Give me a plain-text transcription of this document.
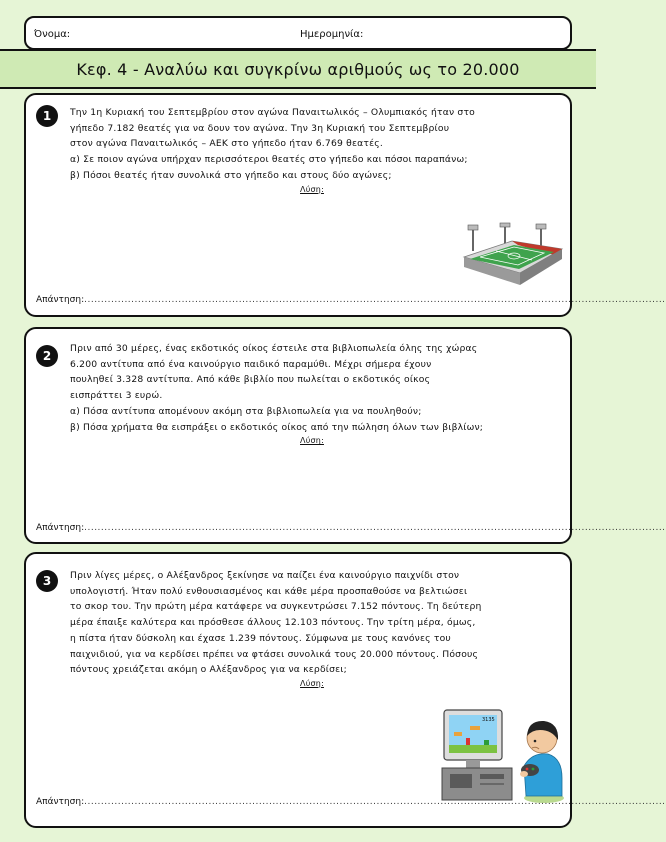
Όνομα:	Ημερομηνία:
Κεφ. 4 - Αναλύω και συγκρίνω αριθμούς ως το 20.000
1	Την 1η Κυριακή του Σεπτεμβρίου στον αγώνα Παναιτωλικός – Ολυμπιακός ήταν στο
γήπεδο 7.182 θεατές για να δουν τον αγώνα. Την 3η Κυριακή του Σεπτεμβρίου
στον αγώνα Παναιτωλικός – ΑΕΚ στο γήπεδο ήταν 6.769 θεατές.
α) Σε ποιον αγώνα υπήρχαν περισσότεροι θεατές στο γήπεδο και πόσοι παραπάνω;
β) Πόσοι θεατές ήταν συνολικά στο γήπεδο και στους δύο αγώνες;
Λύση:
Απάντηση:.............................................................................................................................................................................
2
Πριν από 30 μέρες, ένας εκδοτικός οίκος έστειλε στα βιβλιοπωλεία όλης της χώρας
6.200 αντίτυπα από ένα καινούργιο παιδικό παραμύθι. Μέχρι σήμερα έχουν
πουληθεί 3.328 αντίτυπα. Από κάθε βιβλίο που πωλείται ο εκδοτικός οίκος
εισπράττει 3 ευρώ.
α) Πόσα αντίτυπα απομένουν ακόμη στα βιβλιοπωλεία για να πουληθούν;
β) Πόσα χρήματα θα εισπράξει ο εκδοτικός οίκος από την πώληση όλων των βιβλίων;
Λύση:
Απάντηση:.............................................................................................................................................................................
3	Πριν λίγες μέρες, ο Αλέξανδρος ξεκίνησε να παίζει ένα καινούργιο παιχνίδι στον
υπολογιστή. Ήταν πολύ ενθουσιασμένος και κάθε μέρα προσπαθούσε να βελτιώσει
το σκορ του. Την πρώτη μέρα κατάφερε να συγκεντρώσει 7.152 πόντους. Τη δεύτερη
μέρα έπαιξε καλύτερα και πρόσθεσε άλλους 12.103 πόντους. Την τρίτη μέρα, όμως,
η πίστα ήταν δύσκολη και έχασε 1.239 πόντους. Σύμφωνα με τους κανόνες του
παιχνιδιού, για να κερδίσει πρέπει να φτάσει συνολικά τους 20.000 πόντους. Πόσους
πόντους χρειάζεται ακόμη ο Αλέξανδρος για να κερδίσει;
Λύση:
3135
Απάντηση:.............................................................................................................................................................................
